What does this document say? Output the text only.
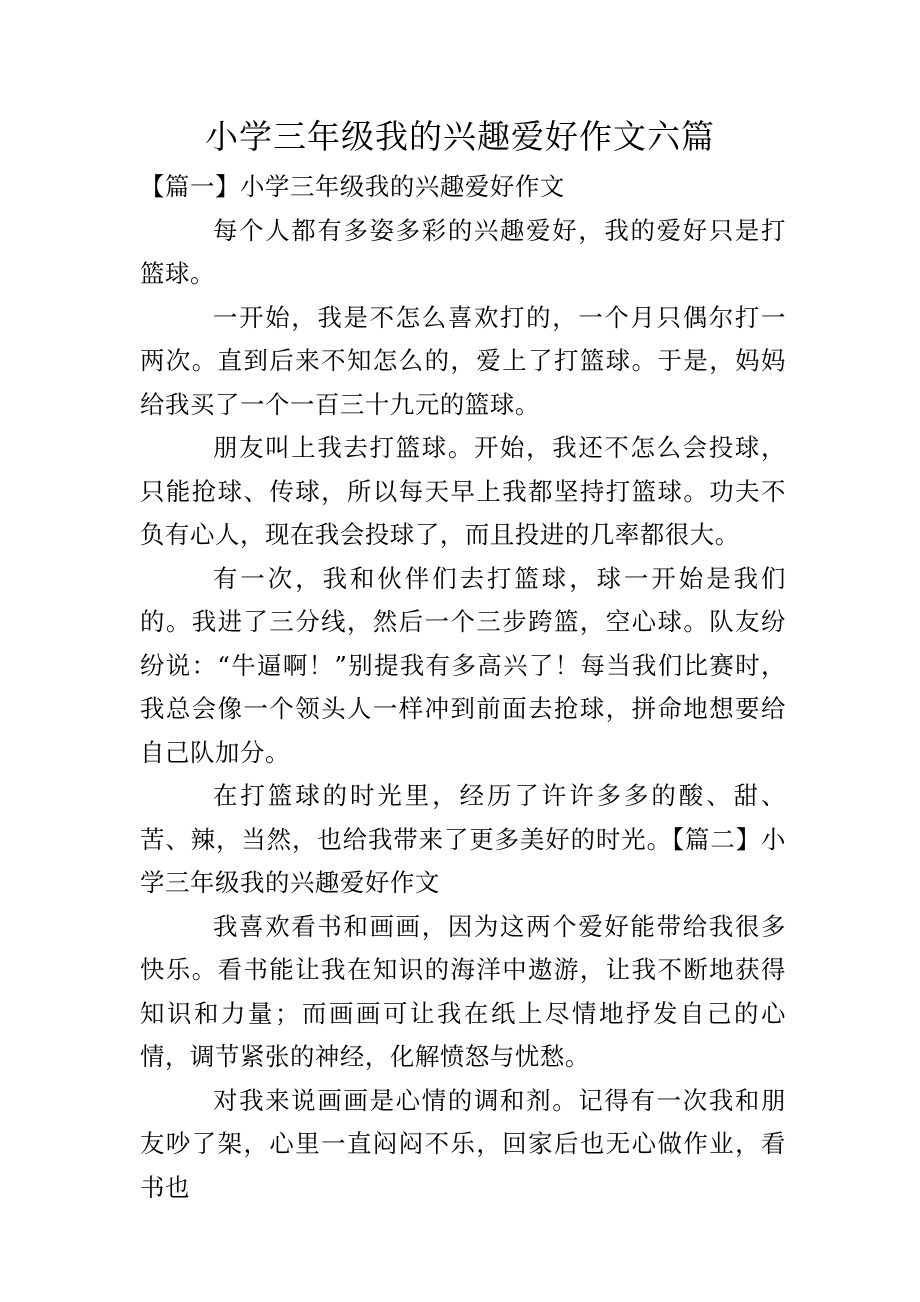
小学三年级我的兴趣爱好作文六篇

【篇一】小学三年级我的兴趣爱好作文

每个人都有多姿多彩的兴趣爱好，我的爱好只是打篮球。

一开始，我是不怎么喜欢打的，一个月只偶尔打一两次。直到后来不知怎么的，爱上了打篮球。于是，妈妈给我买了一个一百三十九元的篮球。

朋友叫上我去打篮球。开始，我还不怎么会投球，只能抢球、传球，所以每天早上我都坚持打篮球。功夫不负有心人，现在我会投球了，而且投进的几率都很大。

有一次，我和伙伴们去打篮球，球一开始是我们的。我进了三分线，然后一个三步跨篮，空心球。队友纷纷说：“牛逼啊！”别提我有多高兴了！每当我们比赛时，我总会像一个领头人一样冲到前面去抢球，拼命地想要给自己队加分。

在打篮球的时光里，经历了许许多多的酸、甜、苦、辣，当然，也给我带来了更多美好的时光。【篇二】小学三年级我的兴趣爱好作文

我喜欢看书和画画，因为这两个爱好能带给我很多快乐。看书能让我在知识的海洋中遨游，让我不断地获得知识和力量；而画画可让我在纸上尽情地抒发自己的心情，调节紧张的神经，化解愤怒与忧愁。

对我来说画画是心情的调和剂。记得有一次我和朋友吵了架，心里一直闷闷不乐，回家后也无心做作业，看书也
